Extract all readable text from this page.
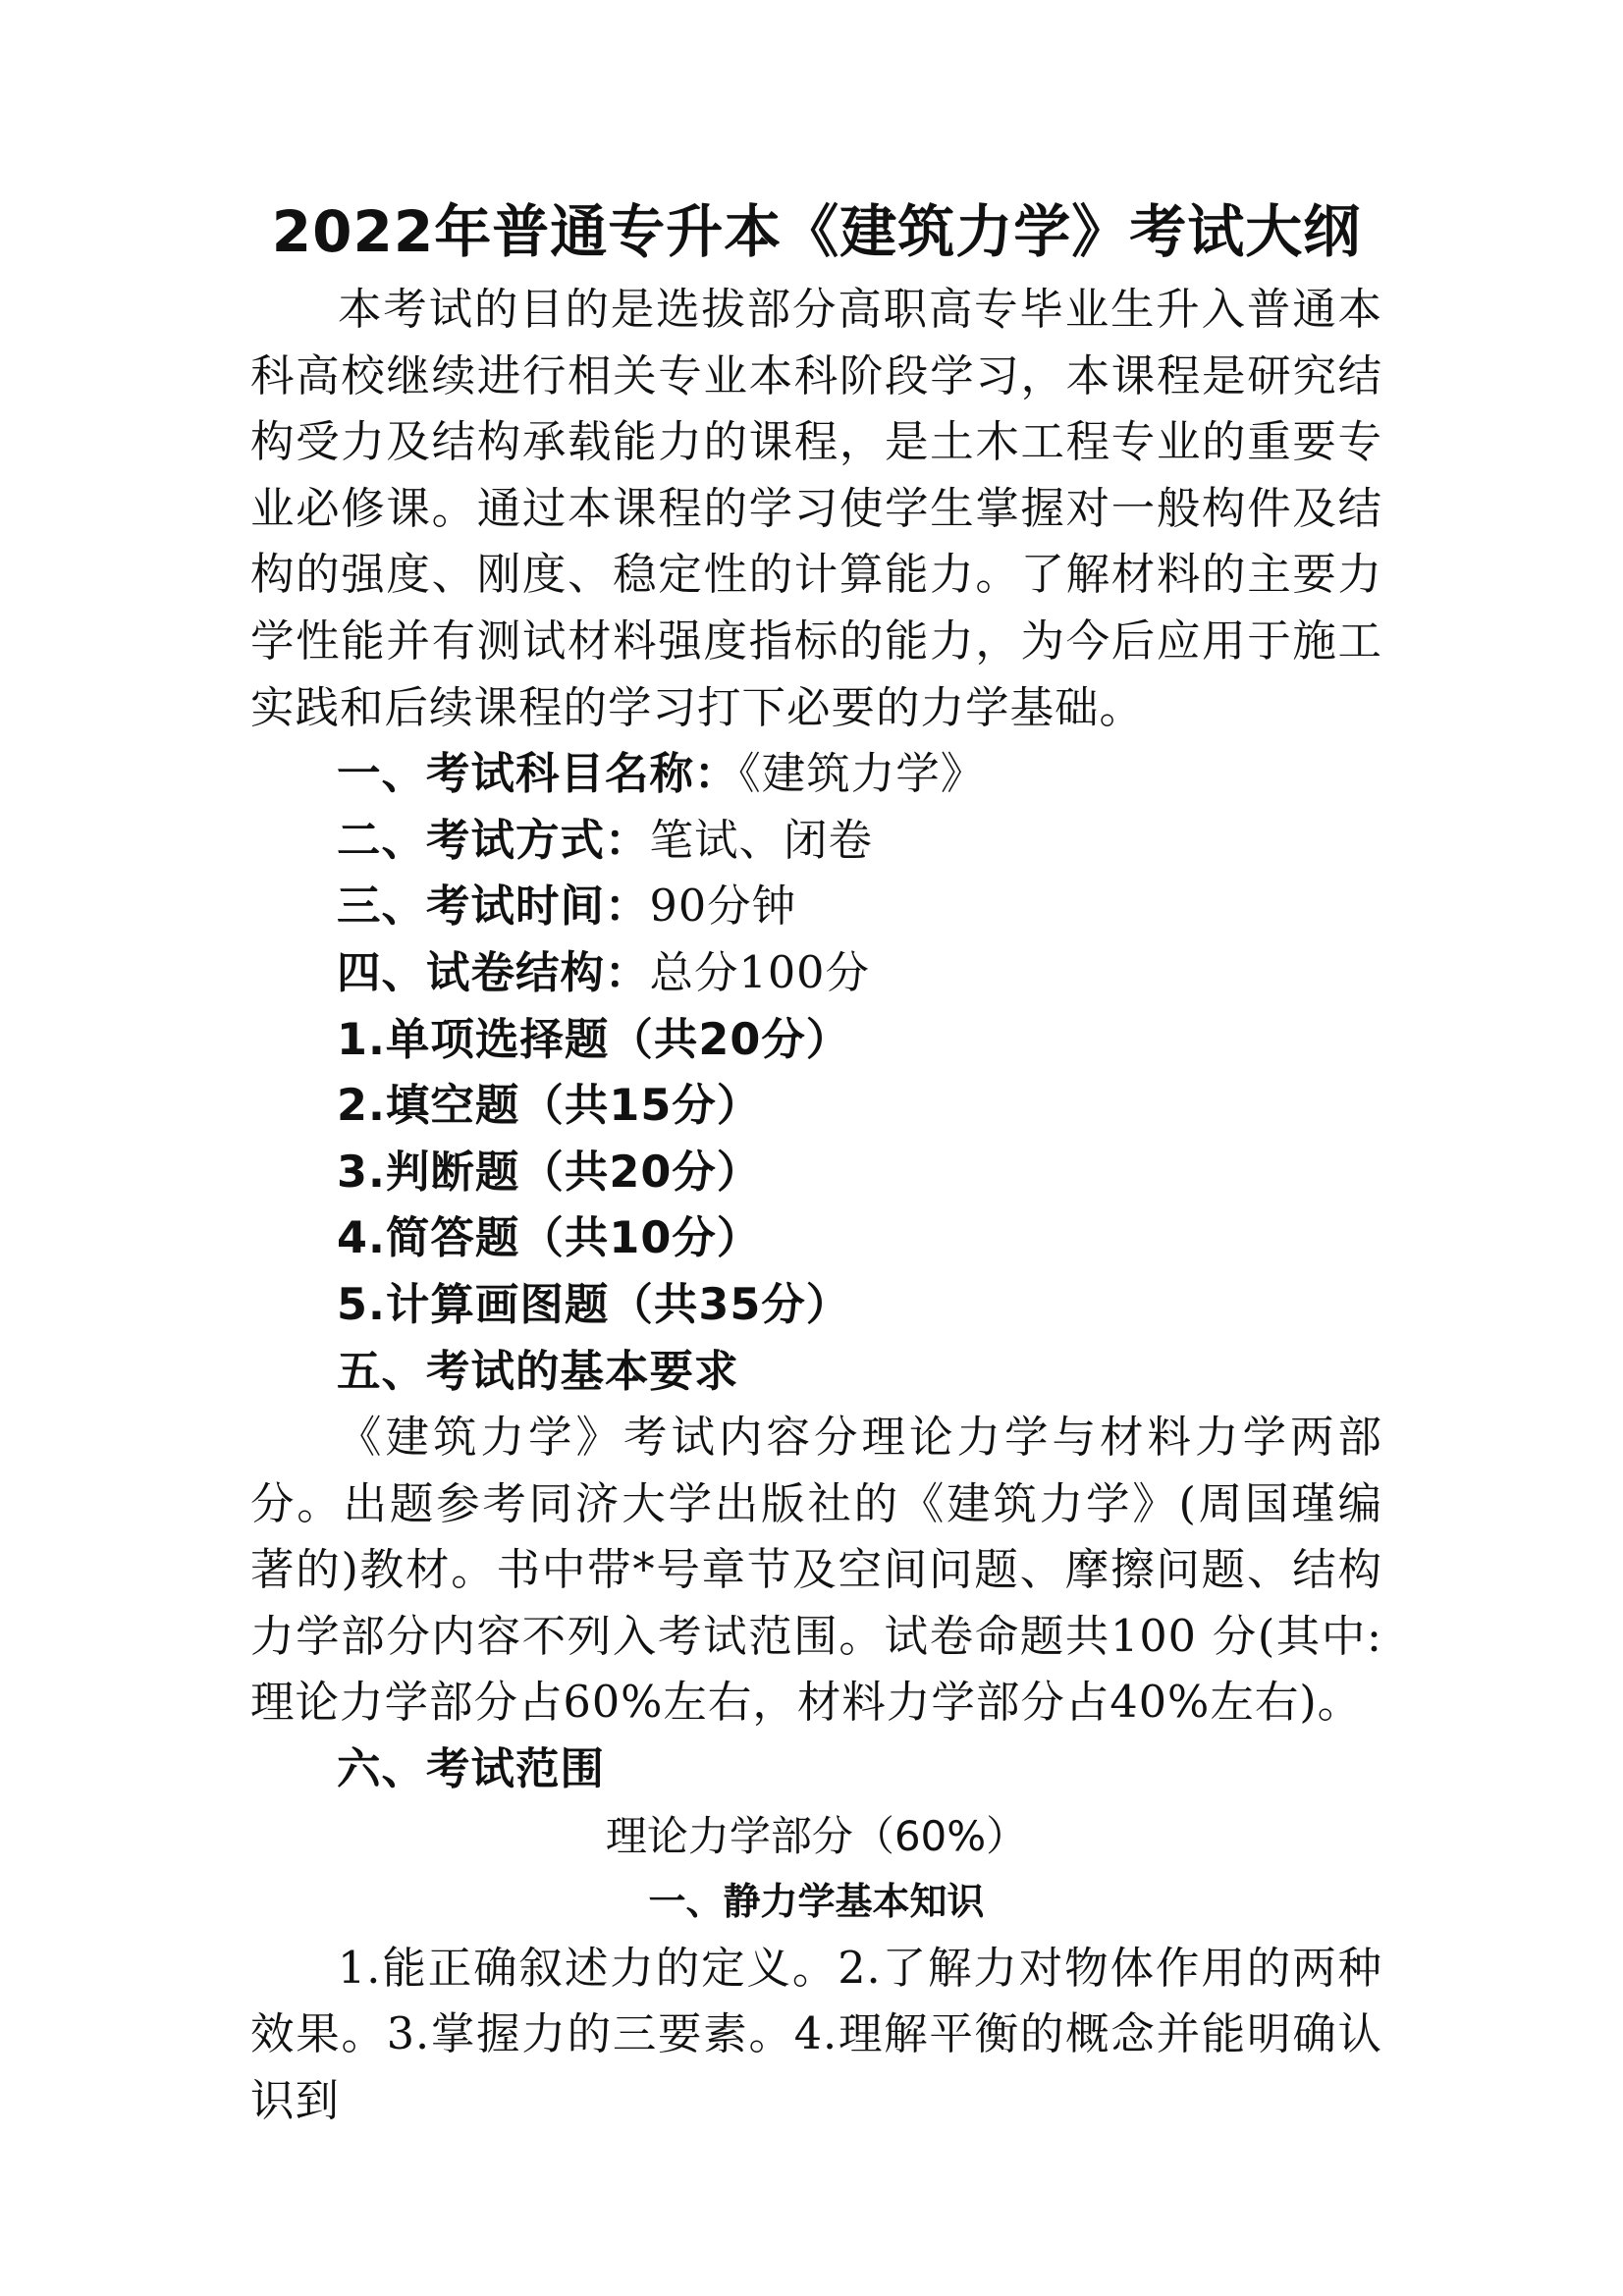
2022年普通专升本《建筑力学》考试大纲

本考试的目的是选拔部分高职高专毕业生升入普通本科高校继续进行相关专业本科阶段学习，本课程是研究结构受力及结构承载能力的课程，是土木工程专业的重要专业必修课。通过本课程的学习使学生掌握对一般构件及结构的强度、刚度、稳定性的计算能力。了解材料的主要力学性能并有测试材料强度指标的能力，为今后应用于施工实践和后续课程的学习打下必要的力学基础。

一、考试科目名称：《建筑力学》

二、考试方式：笔试、闭卷

三、考试时间：90分钟

四、试卷结构：总分100分

1.单项选择题（共20分）

2.填空题（共15分）

3.判断题（共20分）

4.简答题（共10分）

5.计算画图题（共35分）

五、考试的基本要求

《建筑力学》考试内容分理论力学与材料力学两部分。出题参考同济大学出版社的《建筑力学》(周国瑾编著的)教材。书中带*号章节及空间问题、摩擦问题、结构力学部分内容不列入考试范围。试卷命题共100 分(其中:理论力学部分占60%左右，材料力学部分占40%左右)。

六、考试范围

理论力学部分（60%）

一、静力学基本知识

1.能正确叙述力的定义。2.了解力对物体作用的两种效果。3.掌握力的三要素。4.理解平衡的概念并能明确认识到
